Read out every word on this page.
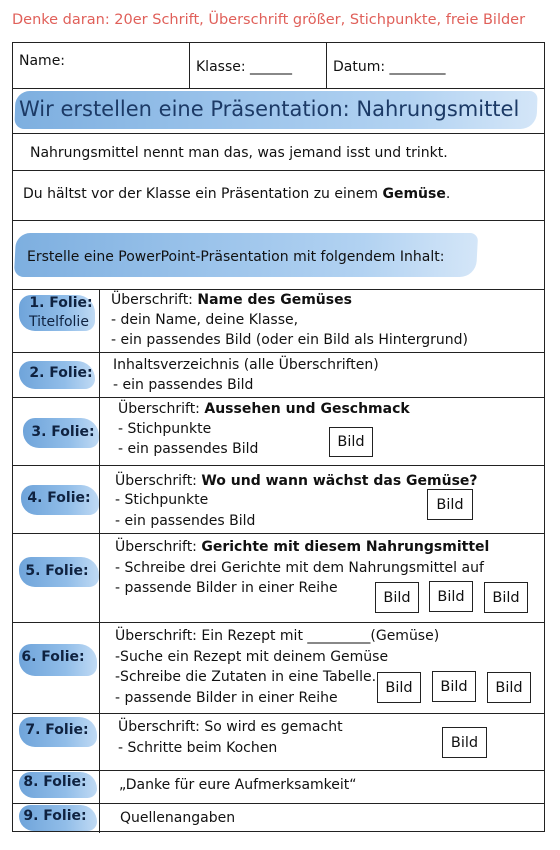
Denke daran: 20er Schrift, Überschrift größer, Stichpunkte, freie Bilder
Name:	Klasse: ______	Datum: ________
Wir erstellen eine Präsentation: Nahrungsmittel
Nahrungsmittel nennt man das, was jemand isst und trinkt.
Du hältst vor der Klasse ein Präsentation zu einem Gemüse.
Erstelle eine PowerPoint-Präsentation mit folgendem Inhalt:
1. Folie:
Titelfolie
Überschrift: Name des Gemüses
- dein Name, deine Klasse,
- ein passendes Bild (oder ein Bild als Hintergrund)
2. Folie:	Inhaltsverzeichnis (alle Überschriften)
- ein passendes Bild
3. Folie:
Überschrift: Aussehen und Geschmack
- Stichpunkte
- ein passendes Bild	Bild
4. Folie:
Überschrift: Wo und wann wächst das Gemüse?
- Stichpunkte
- ein passendes Bild
Bild
5. Folie:
Überschrift: Gerichte mit diesem Nahrungsmittel
- Schreibe drei Gerichte mit dem Nahrungsmittel auf
- passende Bilder in einer Reihe
Bild	Bild	Bild
6. Folie:
Überschrift: Ein Rezept mit _________(Gemüse)
-Suche ein Rezept mit deinem Gemüse
-Schreibe die Zutaten in eine Tabelle.
- passende Bilder in einer Reihe
Bild	Bild	Bild
7. Folie:	Überschrift: So wird es gemacht
- Schritte beim Kochen	Bild
8. Folie:	„Danke für eure Aufmerksamkeit“
9. Folie:	Quellenangaben
